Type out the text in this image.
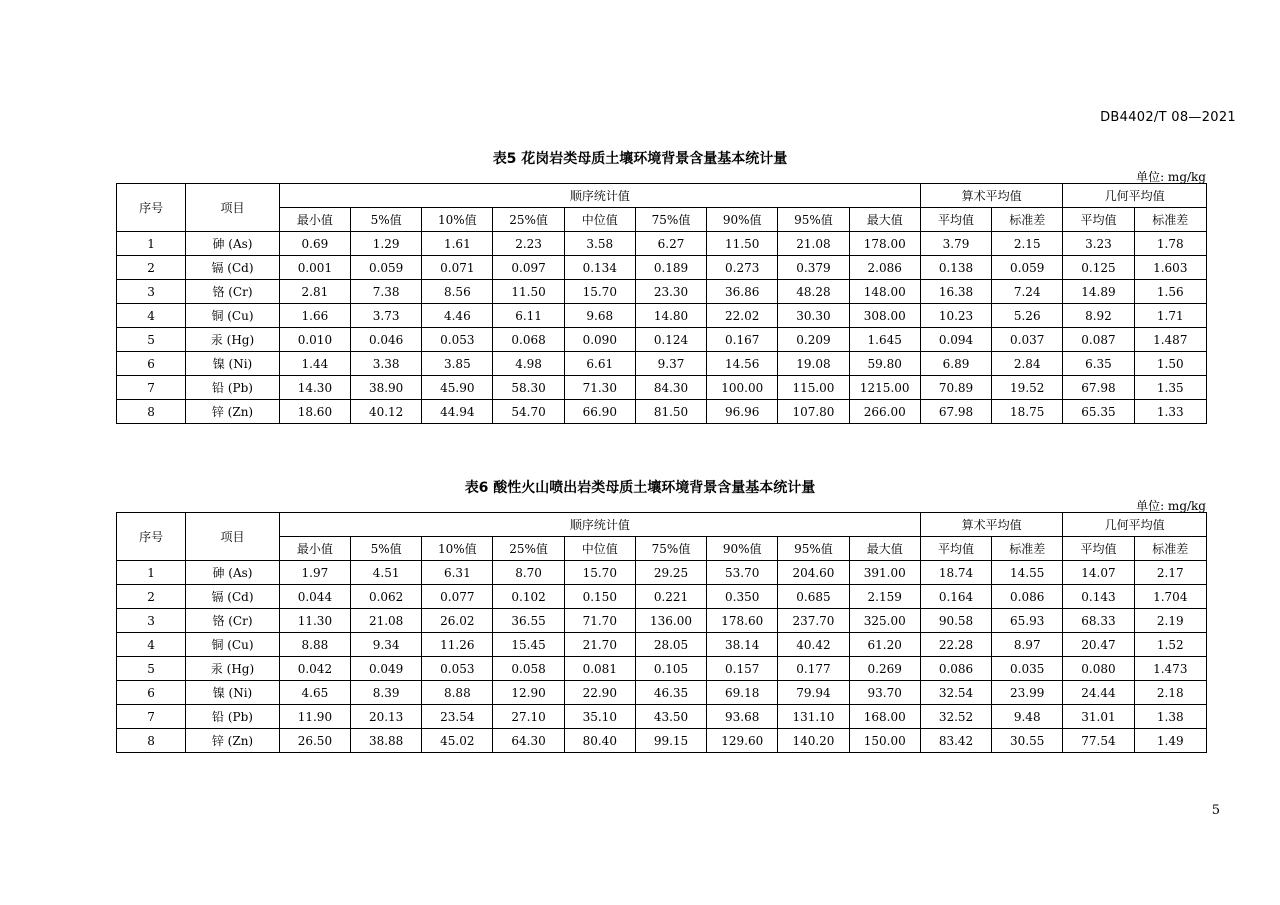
DB4402/T 08—2021
表5 花岗岩类母质土壤环境背景含量基本统计量
单位: mg/kg
序号	项目	顺序统计值									算术平均值		几何平均值	
		最小值	5%值	10%值	25%值	中位值	75%值	90%值	95%值	最大值	平均值	标准差	平均值	标准差
1	砷 (As)	0.69	1.29	1.61	2.23	3.58	6.27	11.50	21.08	178.00	3.79	2.15	3.23	1.78
2	镉 (Cd)	0.001	0.059	0.071	0.097	0.134	0.189	0.273	0.379	2.086	0.138	0.059	0.125	1.603
3	铬 (Cr)	2.81	7.38	8.56	11.50	15.70	23.30	36.86	48.28	148.00	16.38	7.24	14.89	1.56
4	铜 (Cu)	1.66	3.73	4.46	6.11	9.68	14.80	22.02	30.30	308.00	10.23	5.26	8.92	1.71
5	汞 (Hg)	0.010	0.046	0.053	0.068	0.090	0.124	0.167	0.209	1.645	0.094	0.037	0.087	1.487
6	镍 (Ni)	1.44	3.38	3.85	4.98	6.61	9.37	14.56	19.08	59.80	6.89	2.84	6.35	1.50
7	铅 (Pb)	14.30	38.90	45.90	58.30	71.30	84.30	100.00	115.00	1215.00	70.89	19.52	67.98	1.35
8	锌 (Zn)	18.60	40.12	44.94	54.70	66.90	81.50	96.96	107.80	266.00	67.98	18.75	65.35	1.33
表6 酸性火山喷出岩类母质土壤环境背景含量基本统计量
单位: mg/kg
序号	项目	顺序统计值									算术平均值		几何平均值	
		最小值	5%值	10%值	25%值	中位值	75%值	90%值	95%值	最大值	平均值	标准差	平均值	标准差
1	砷 (As)	1.97	4.51	6.31	8.70	15.70	29.25	53.70	204.60	391.00	18.74	14.55	14.07	2.17
2	镉 (Cd)	0.044	0.062	0.077	0.102	0.150	0.221	0.350	0.685	2.159	0.164	0.086	0.143	1.704
3	铬 (Cr)	11.30	21.08	26.02	36.55	71.70	136.00	178.60	237.70	325.00	90.58	65.93	68.33	2.19
4	铜 (Cu)	8.88	9.34	11.26	15.45	21.70	28.05	38.14	40.42	61.20	22.28	8.97	20.47	1.52
5	汞 (Hg)	0.042	0.049	0.053	0.058	0.081	0.105	0.157	0.177	0.269	0.086	0.035	0.080	1.473
6	镍 (Ni)	4.65	8.39	8.88	12.90	22.90	46.35	69.18	79.94	93.70	32.54	23.99	24.44	2.18
7	铅 (Pb)	11.90	20.13	23.54	27.10	35.10	43.50	93.68	131.10	168.00	32.52	9.48	31.01	1.38
8	锌 (Zn)	26.50	38.88	45.02	64.30	80.40	99.15	129.60	140.20	150.00	83.42	30.55	77.54	1.49
5
